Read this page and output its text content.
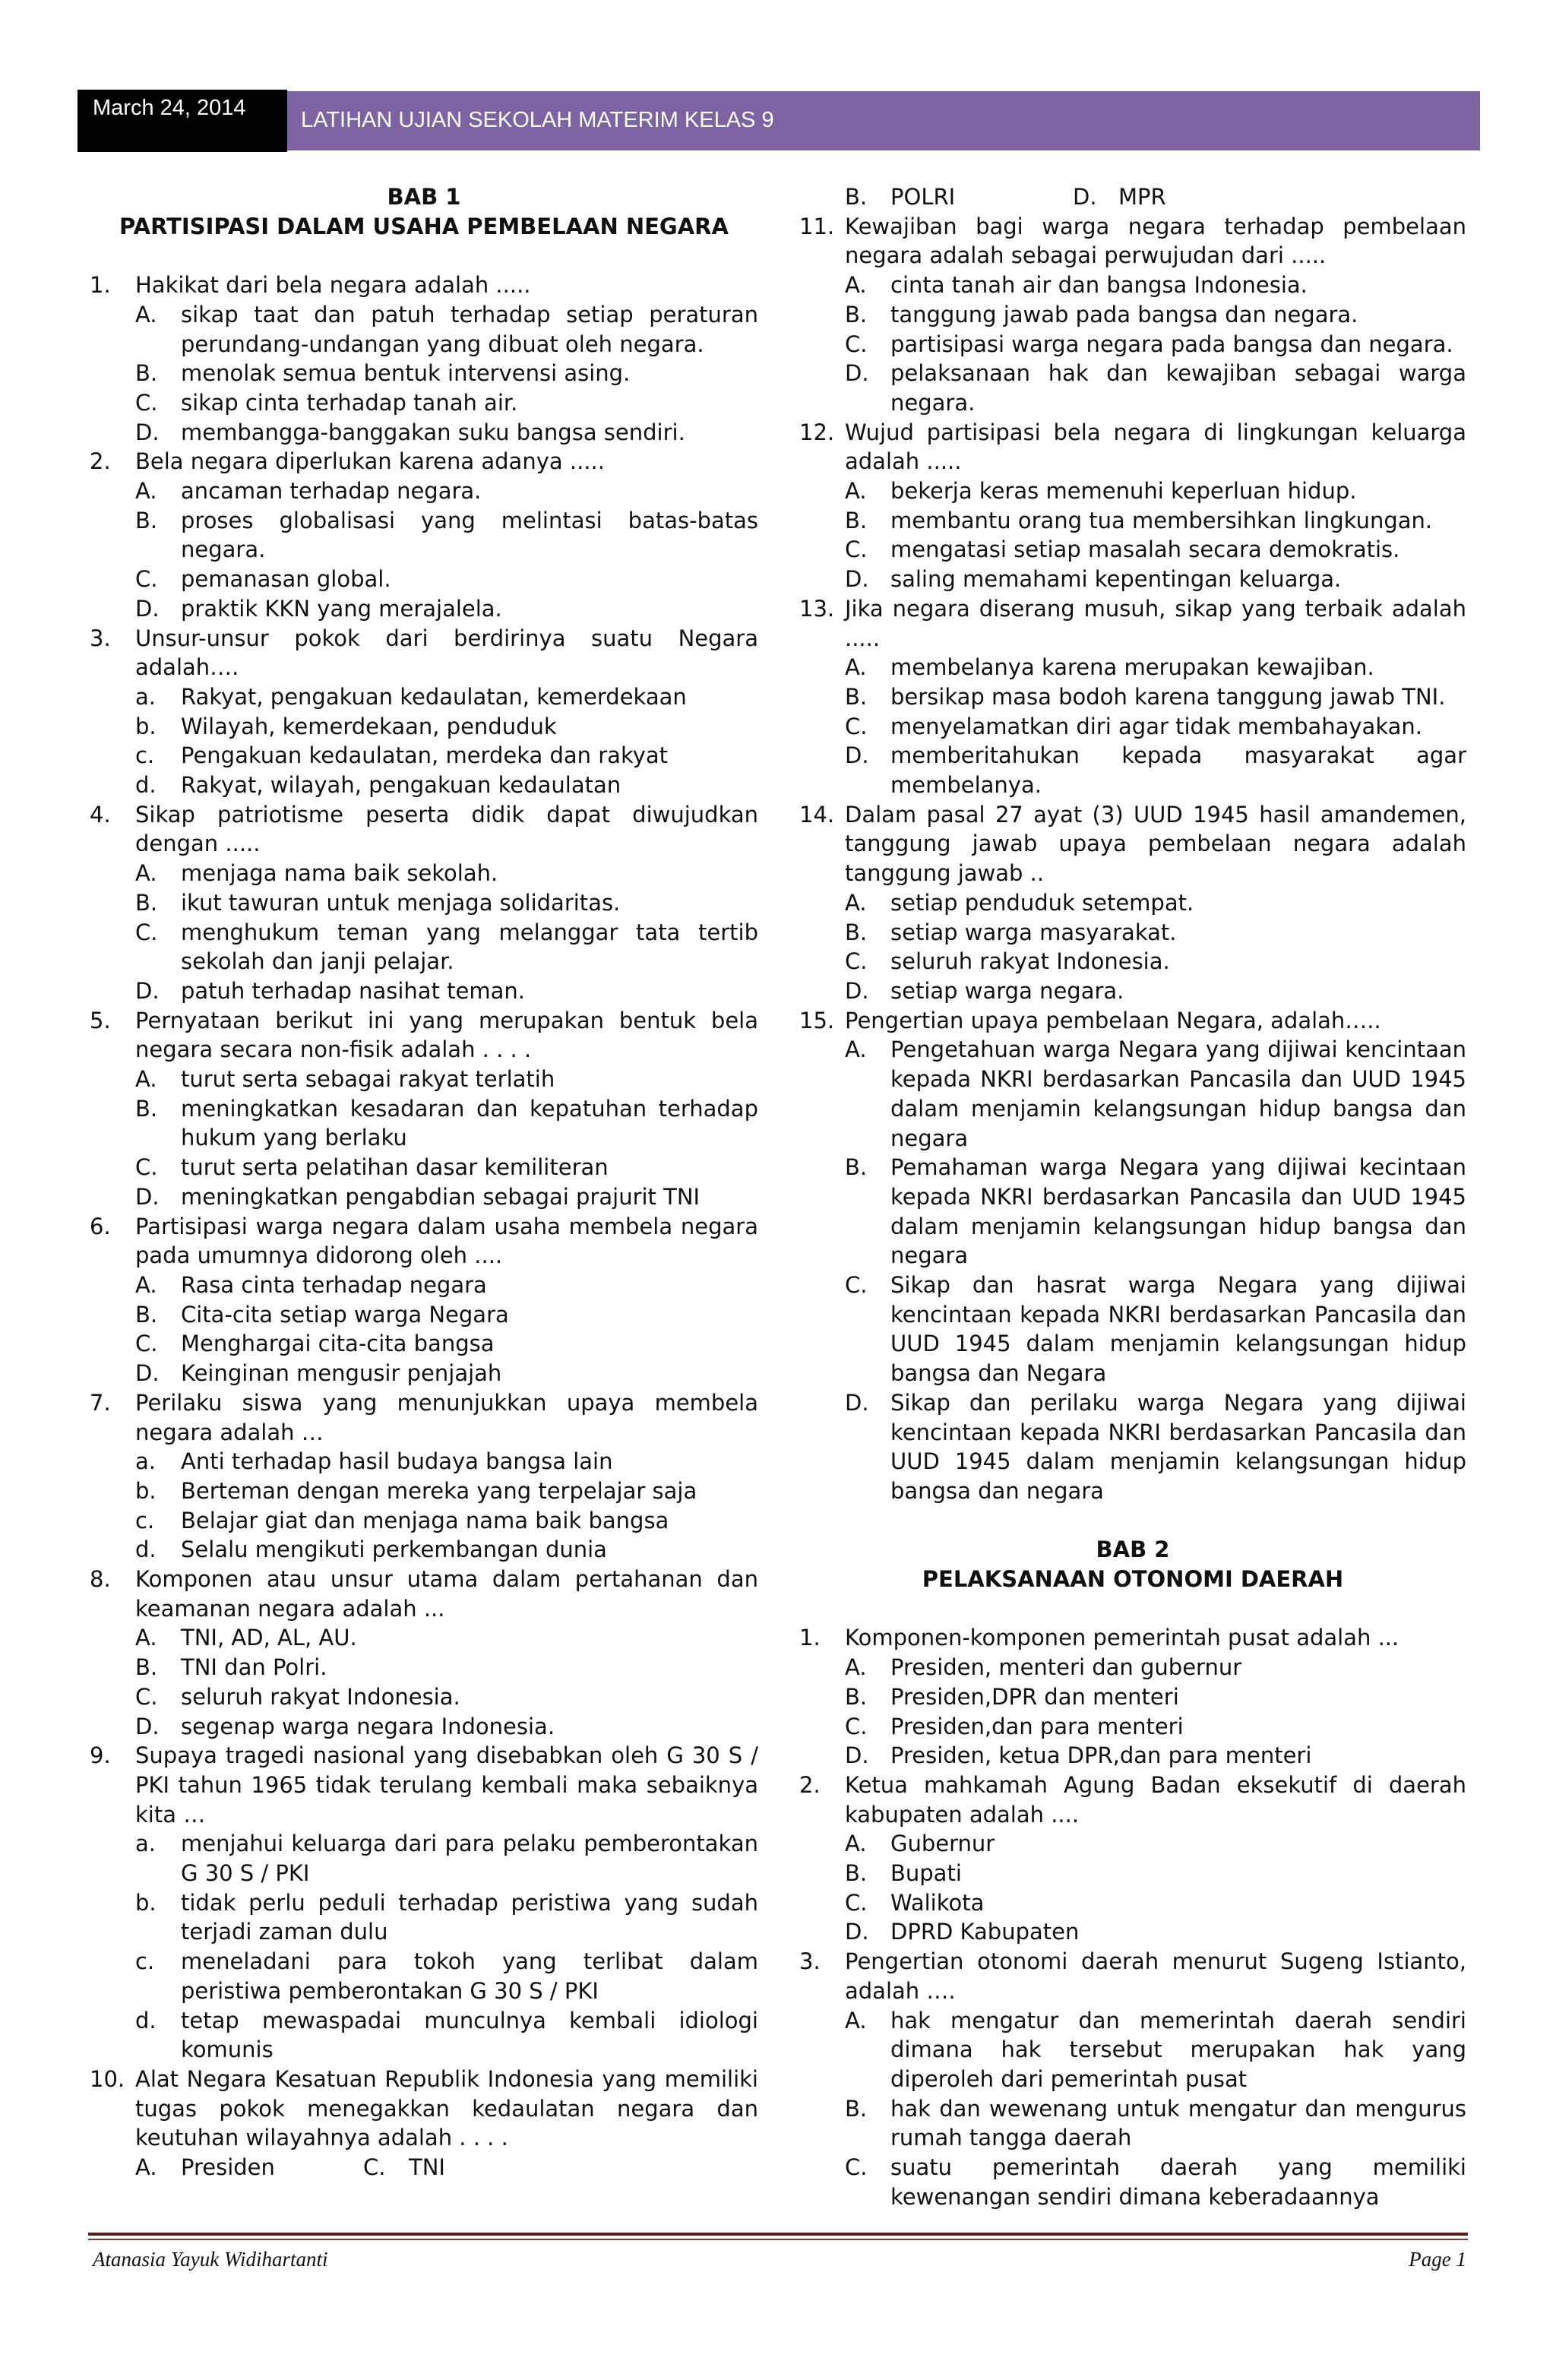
March 24, 2014	LATIHAN UJIAN SEKOLAH MATERIM KELAS 9
BAB 1
PARTISIPASI DALAM USAHA PEMBELAAN NEGARA
1.	Hakikat dari bela negara adalah .....
A.	sikap taat dan patuh terhadap setiap peraturan perundang-undangan yang dibuat oleh negara.
B.	menolak semua bentuk intervensi asing.
C.	sikap cinta terhadap tanah air.
D. membangga-banggakan suku bangsa sendiri.
2.	Bela negara diperlukan karena adanya .....
A.	ancaman terhadap negara.
B.	proses globalisasi yang melintasi batas-batas negara.
C.	pemanasan global.
D. praktik KKN yang merajalela.
3.	Unsur-unsur pokok dari berdirinya suatu Negara adalah….
a.	Rakyat, pengakuan kedaulatan, kemerdekaan
b.	Wilayah, kemerdekaan, penduduk
c.	Pengakuan kedaulatan, merdeka dan rakyat
d.	Rakyat, wilayah, pengakuan kedaulatan
4.	Sikap patriotisme peserta didik dapat diwujudkan dengan .....
A.	menjaga nama baik sekolah.
B.	ikut tawuran untuk menjaga solidaritas.
C.	menghukum teman yang melanggar tata tertib sekolah dan janji pelajar.
D. patuh terhadap nasihat teman.
5.	Pernyataan berikut ini yang merupakan bentuk bela negara secara non-fisik adalah . . . .
A.	turut serta sebagai rakyat terlatih
B.	meningkatkan kesadaran dan kepatuhan terhadap hukum yang berlaku
C.	turut serta pelatihan dasar kemiliteran
D. meningkatkan pengabdian sebagai prajurit TNI
6.	Partisipasi warga negara dalam usaha membela negara pada umumnya didorong oleh ....
A.	Rasa cinta terhadap negara
B.	Cita-cita setiap warga Negara
C.	Menghargai cita-cita bangsa
D. Keinginan mengusir penjajah
7.	Perilaku siswa yang menunjukkan upaya membela negara adalah …
a.	Anti terhadap hasil budaya bangsa lain
b.	Berteman dengan mereka yang terpelajar saja
c.	Belajar giat dan menjaga nama baik bangsa
d.	Selalu mengikuti perkembangan dunia
8.	Komponen atau unsur utama dalam pertahanan dan keamanan negara adalah ...
A.	TNI, AD, AL, AU.
B.	TNI dan Polri.
C.	seluruh rakyat Indonesia.
D. segenap warga negara Indonesia.
9.	Supaya tragedi nasional yang disebabkan oleh G 30 S / PKI tahun 1965 tidak terulang kembali maka sebaiknya kita …
a.	menjahui keluarga dari para pelaku pemberontakan G 30 S / PKI
b.	tidak perlu peduli terhadap peristiwa yang sudah terjadi zaman dulu
c.	meneladani para tokoh yang terlibat dalam peristiwa pemberontakan G 30 S / PKI
d.	tetap mewaspadai munculnya kembali idiologi komunis
10. Alat Negara Kesatuan Republik Indonesia yang memiliki tugas pokok menegakkan kedaulatan negara dan keutuhan wilayahnya adalah . . . .
A.	Presiden	C.	TNI
B.	POLRI	D. MPR
11. Kewajiban bagi warga negara terhadap pembelaan negara adalah sebagai perwujudan dari .....
A.	cinta tanah air dan bangsa Indonesia.
B.	tanggung jawab pada bangsa dan negara.
C.	partisipasi warga negara pada bangsa dan negara.
D. pelaksanaan hak dan kewajiban sebagai warga negara.
12. Wujud partisipasi bela negara di lingkungan keluarga adalah .....
A.	bekerja keras memenuhi keperluan hidup.
B.	membantu orang tua membersihkan lingkungan.
C.	mengatasi setiap masalah secara demokratis.
D. saling memahami kepentingan keluarga.
13. Jika negara diserang musuh, sikap yang terbaik adalah .....
A.	membelanya karena merupakan kewajiban.
B.	bersikap masa bodoh karena tanggung jawab TNI.
C.	menyelamatkan diri agar tidak membahayakan.
D. memberitahukan kepada masyarakat agar membelanya.
14. Dalam pasal 27 ayat (3) UUD 1945 hasil amandemen, tanggung jawab upaya pembelaan negara adalah tanggung jawab ..
A.	setiap penduduk setempat.
B.	setiap warga masyarakat.
C.	seluruh rakyat Indonesia.
D. setiap warga negara.
15. Pengertian upaya pembelaan Negara, adalah…..
A.	Pengetahuan warga Negara yang dijiwai kencintaan kepada NKRI berdasarkan Pancasila dan UUD 1945 dalam menjamin kelangsungan hidup bangsa dan negara
B.	Pemahaman warga Negara yang dijiwai kecintaan kepada NKRI berdasarkan Pancasila dan UUD 1945 dalam menjamin kelangsungan hidup bangsa dan negara
C.	Sikap dan hasrat warga Negara yang dijiwai kencintaan kepada NKRI berdasarkan Pancasila dan UUD 1945 dalam menjamin kelangsungan hidup bangsa dan Negara
D. Sikap dan perilaku warga Negara yang dijiwai kencintaan kepada NKRI berdasarkan Pancasila dan UUD 1945 dalam menjamin kelangsungan hidup bangsa dan negara
BAB 2
PELAKSANAAN OTONOMI DAERAH
1.	Komponen-komponen pemerintah pusat adalah ...
A.	Presiden, menteri dan gubernur
B.	Presiden,DPR dan menteri
C.	Presiden,dan para menteri
D. Presiden, ketua DPR,dan para menteri
2.	Ketua mahkamah Agung Badan eksekutif di daerah kabupaten adalah ....
A.	Gubernur
B.	Bupati
C.	Walikota
D. DPRD Kabupaten
3.	Pengertian otonomi daerah menurut Sugeng Istianto, adalah ….
A.	hak mengatur dan memerintah daerah sendiri dimana hak tersebut merupakan hak yang diperoleh dari pemerintah pusat
B.	hak dan wewenang untuk mengatur dan mengurus rumah tangga daerah
C.	suatu pemerintah daerah yang memiliki kewenangan sendiri dimana keberadaannya
Atanasia Yayuk Widihartanti	Page 1
